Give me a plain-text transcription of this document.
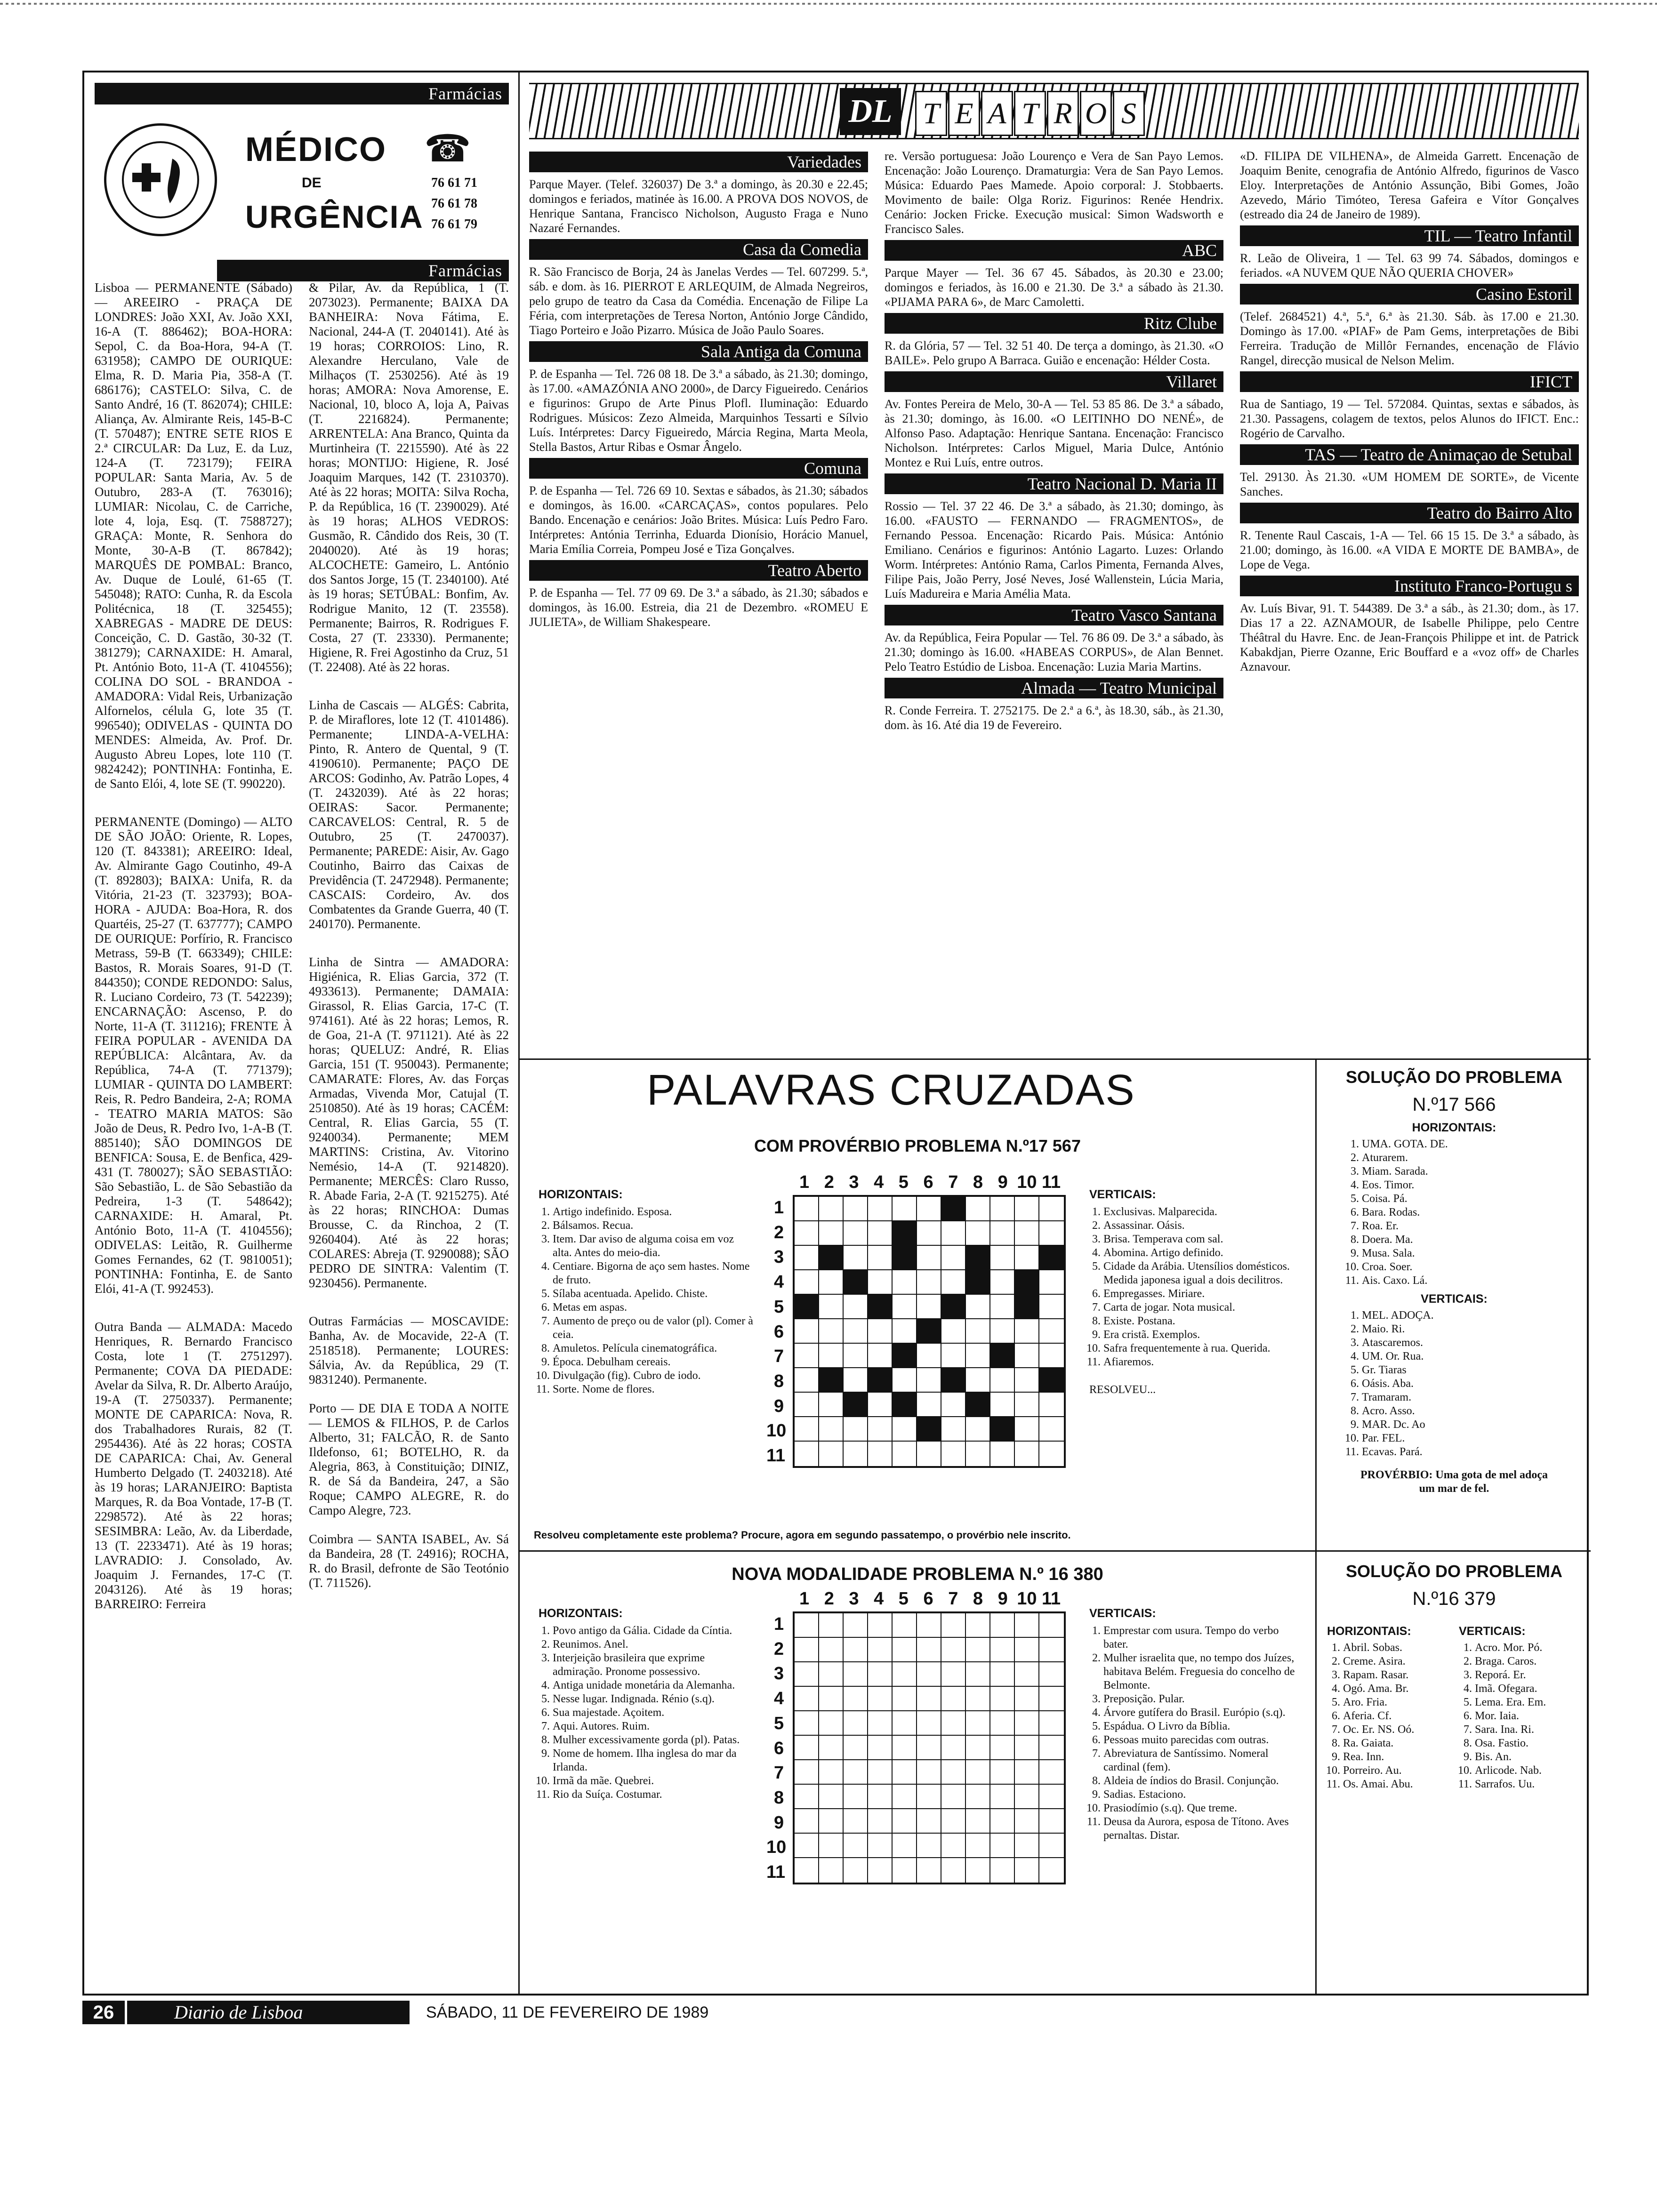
Farmácias
MÉDICO
DE
URGÊNCIA
☎
76 61 71
76 61 78
76 61 79
Farmácias

Lisboa — PERMANENTE (Sábado) — AREEIRO - PRAÇA DE LONDRES: João XXI, Av. João XXI, 16-A (T. 886462); BOA-HORA: Sepol, C. da Boa-Hora, 94-A (T. 631958); CAMPO DE OURIQUE: Elma, R. D. Maria Pia, 358-A (T. 686176); CASTELO: Silva, C. de Santo André, 16 (T. 862074); CHILE: Aliança, Av. Almirante Reis, 145-B-C (T. 570487); ENTRE SETE RIOS E 2.ª CIRCULAR: Da Luz, E. da Luz, 124-A (T. 723179); FEIRA POPULAR: Santa Maria, Av. 5 de Outubro, 283-A (T. 763016); LUMIAR: Nicolau, C. de Carriche, lote 4, loja, Esq. (T. 7588727); GRAÇA: Monte, R. Senhora do Monte, 30-A-B (T. 867842); MARQUÊS DE POMBAL: Branco, Av. Duque de Loulé, 61-65 (T. 545048); RATO: Cunha, R. da Escola Politécnica, 18 (T. 325455); XABREGAS - MADRE DE DEUS: Conceição, C. D. Gastão, 30-32 (T. 381279); CARNAXIDE: H. Amaral, Pt. António Boto, 11-A (T. 4104556); COLINA DO SOL - BRANDOA - AMADORA: Vidal Reis, Urbanização Alfornelos, célula G, lote 35 (T. 996540); ODIVELAS - QUINTA DO MENDES: Almeida, Av. Prof. Dr. Augusto Abreu Lopes, lote 110 (T. 9824242); PONTINHA: Fontinha, E. de Santo Elói, 4, lote SE (T. 990220).

PERMANENTE (Domingo) — ALTO DE SÃO JOÃO: Oriente, R. Lopes, 120 (T. 843381); AREEIRO: Ideal, Av. Almirante Gago Coutinho, 49-A (T. 892803); BAIXA: Unifa, R. da Vitória, 21-23 (T. 323793); BOA-HORA - AJUDA: Boa-Hora, R. dos Quartéis, 25-27 (T. 637777); CAMPO DE OURIQUE: Porfírio, R. Francisco Metrass, 59-B (T. 663349); CHILE: Bastos, R. Morais Soares, 91-D (T. 844350); CONDE REDONDO: Salus, R. Luciano Cordeiro, 73 (T. 542239); ENCARNAÇÃO: Ascenso, P. do Norte, 11-A (T. 311216); FRENTE À FEIRA POPULAR - AVENIDA DA REPÚBLICA: Alcântara, Av. da República, 74-A (T. 771379); LUMIAR - QUINTA DO LAMBERT: Reis, R. Pedro Bandeira, 2-A; ROMA - TEATRO MARIA MATOS: São João de Deus, R. Pedro Ivo, 1-A-B (T. 885140); SÃO DOMINGOS DE BENFICA: Sousa, E. de Benfica, 429-431 (T. 780027); SÃO SEBASTIÃO: São Sebastião, L. de São Sebastião da Pedreira, 1-3 (T. 548642); CARNAXIDE: H. Amaral, Pt. António Boto, 11-A (T. 4104556); ODIVELAS: Leitão, R. Guilherme Gomes Fernandes, 62 (T. 9810051); PONTINHA: Fontinha, E. de Santo Elói, 41-A (T. 992453).

Outra Banda — ALMADA: Macedo Henriques, R. Bernardo Francisco Costa, lote 1 (T. 2751297). Permanente; COVA DA PIEDADE: Avelar da Silva, R. Dr. Alberto Araújo, 19-A (T. 2750337). Permanente; MONTE DE CAPARICA: Nova, R. dos Trabalhadores Rurais, 82 (T. 2954436). Até às 22 horas; COSTA DE CAPARICA: Chai, Av. General Humberto Delgado (T. 2403218). Até às 19 horas; LARANJEIRO: Baptista Marques, R. da Boa Vontade, 17-B (T. 2298572). Até às 22 horas; SESIMBRA: Leão, Av. da Liberdade, 13 (T. 2233471). Até às 19 horas; LAVRADIO: J. Consolado, Av. Joaquim J. Fernandes, 17-C (T. 2043126). Até às 19 horas; BARREIRO: Ferreira

& Pilar, Av. da República, 1 (T. 2073023). Permanente; BAIXA DA BANHEIRA: Nova Fátima, E. Nacional, 244-A (T. 2040141). Até às 19 horas; CORROIOS: Lino, R. Alexandre Herculano, Vale de Milhaços (T. 2530256). Até às 19 horas; AMORA: Nova Amorense, E. Nacional, 10, bloco A, loja A, Paivas (T. 2216824). Permanente; ARRENTELA: Ana Branco, Quinta da Murtinheira (T. 2215590). Até às 22 horas; MONTIJO: Higiene, R. José Joaquim Marques, 142 (T. 2310370). Até às 22 horas; MOITA: Silva Rocha, P. da República, 16 (T. 2390029). Até às 19 horas; ALHOS VEDROS: Gusmão, R. Cândido dos Reis, 30 (T. 2040020). Até às 19 horas; ALCOCHETE: Gameiro, L. António dos Santos Jorge, 15 (T. 2340100). Até às 19 horas; SETÚBAL: Bonfim, Av. Rodrigue Manito, 12 (T. 23558). Permanente; Bairros, R. Rodrigues F. Costa, 27 (T. 23330). Permanente; Higiene, R. Frei Agostinho da Cruz, 51 (T. 22408). Até às 22 horas.

Linha de Cascais — ALGÉS: Cabrita, P. de Miraflores, lote 12 (T. 4101486). Permanente; LINDA-A-VELHA: Pinto, R. Antero de Quental, 9 (T. 4190610). Permanente; PAÇO DE ARCOS: Godinho, Av. Patrão Lopes, 4 (T. 2432039). Até às 22 horas; OEIRAS: Sacor. Permanente; CARCAVELOS: Central, R. 5 de Outubro, 25 (T. 2470037). Permanente; PAREDE: Aisir, Av. Gago Coutinho, Bairro das Caixas de Previdência (T. 2472948). Permanente; CASCAIS: Cordeiro, Av. dos Combatentes da Grande Guerra, 40 (T. 240170). Permanente.

Linha de Sintra — AMADORA: Higiénica, R. Elias Garcia, 372 (T. 4933613). Permanente; DAMAIA: Girassol, R. Elias Garcia, 17-C (T. 974161). Até às 22 horas; Lemos, R. de Goa, 21-A (T. 971121). Até às 22 horas; QUELUZ: André, R. Elias Garcia, 151 (T. 950043). Permanente; CAMARATE: Flores, Av. das Forças Armadas, Vivenda Mor, Catujal (T. 2510850). Até às 19 horas; CACÉM: Central, R. Elias Garcia, 55 (T. 9240034). Permanente; MEM MARTINS: Cristina, Av. Vitorino Nemésio, 14-A (T. 9214820). Permanente; MERCÊS: Claro Russo, R. Abade Faria, 2-A (T. 9215275). Até às 22 horas; RINCHOA: Dumas Brousse, C. da Rinchoa, 2 (T. 9260404). Até às 22 horas; COLARES: Abreja (T. 9290088); SÃO PEDRO DE SINTRA: Valentim (T. 9230456). Permanente.

Outras Farmácias — MOSCAVIDE: Banha, Av. de Mocavide, 22-A (T. 2518518). Permanente; LOURES: Sálvia, Av. da República, 29 (T. 9831240). Permanente.

Porto — DE DIA E TODA A NOITE — LEMOS & FILHOS, P. de Carlos Alberto, 31; FALCÃO, R. de Santo Ildefonso, 61; BOTELHO, R. da Alegria, 863, à Constituição; DINIZ, R. de Sá da Bandeira, 247, a São Roque; CAMPO ALEGRE, R. do Campo Alegre, 723.

Coimbra — SANTA ISABEL, Av. Sá da Bandeira, 28 (T. 24916); ROCHA, R. do Brasil, defronte de São Teotónio (T. 711526).

DL T E A T R O S
Variedades

Parque Mayer. (Telef. 326037) De 3.ª a domingo, às 20.30 e 22.45; domingos e feriados, matinée às 16.00. A PROVA DOS NOVOS, de Henrique Santana, Francisco Nicholson, Augusto Fraga e Nuno Nazaré Fernandes.

Casa da Comedia

R. São Francisco de Borja, 24 às Janelas Verdes — Tel. 607299. 5.ª, sáb. e dom. às 16. PIERROT E ARLEQUIM, de Almada Negreiros, pelo grupo de teatro da Casa da Comédia. Encenação de Filipe La Féria, com interpretações de Teresa Norton, António Jorge Cândido, Tiago Porteiro e João Pizarro. Música de João Paulo Soares.

Sala Antiga da Comuna

P. de Espanha — Tel. 726 08 18. De 3.ª a sábado, às 21.30; domingo, às 17.00. «AMAZÓNIA ANO 2000», de Darcy Figueiredo. Cenários e figurinos: Grupo de Arte Pinus Plofl. Iluminação: Eduardo Rodrigues. Músicos: Zezo Almeida, Marquinhos Tessarti e Sílvio Luís. Intérpretes: Darcy Figueiredo, Márcia Regina, Marta Meola, Stella Bastos, Artur Ribas e Osmar Ângelo.

Comuna

P. de Espanha — Tel. 726 69 10. Sextas e sábados, às 21.30; sábados e domingos, às 16.00. «CARCAÇAS», contos populares. Pelo Bando. Encenação e cenários: João Brites. Música: Luís Pedro Faro. Intérpretes: Antónia Terrinha, Eduarda Dionísio, Horácio Manuel, Maria Emília Correia, Pompeu José e Tiza Gonçalves.

Teatro Aberto

P. de Espanha — Tel. 77 09 69. De 3.ª a sábado, às 21.30; sábados e domingos, às 16.00. Estreia, dia 21 de Dezembro. «ROMEU E JULIETA», de William Shakespeare.

re. Versão portuguesa: João Lourenço e Vera de San Payo Lemos. Encenação: João Lourenço. Dramaturgia: Vera de San Payo Lemos. Música: Eduardo Paes Mamede. Apoio corporal: J. Stobbaerts. Movimento de baile: Olga Roriz. Figurinos: Renée Hendrix. Cenário: Jocken Fricke. Execução musical: Simon Wadsworth e Francisco Sales.

ABC

Parque Mayer — Tel. 36 67 45. Sábados, às 20.30 e 23.00; domingos e feriados, às 16.00 e 21.30. De 3.ª a sábado às 21.30. «PIJAMA PARA 6», de Marc Camoletti.

Ritz Clube

R. da Glória, 57 — Tel. 32 51 40. De terça a domingo, às 21.30. «O BAILE». Pelo grupo A Barraca. Guião e encenação: Hélder Costa.

Villaret

Av. Fontes Pereira de Melo, 30-A — Tel. 53 85 86. De 3.ª a sábado, às 21.30; domingo, às 16.00. «O LEITINHO DO NENÉ», de Alfonso Paso. Adaptação: Henrique Santana. Encenação: Francisco Nicholson. Intérpretes: Carlos Miguel, Maria Dulce, António Montez e Rui Luís, entre outros.

Teatro Nacional D. Maria II

Rossio — Tel. 37 22 46. De 3.ª a sábado, às 21.30; domingo, às 16.00. «FAUSTO — FERNANDO — FRAGMENTOS», de Fernando Pessoa. Encenação: Ricardo Pais. Música: António Emiliano. Cenários e figurinos: António Lagarto. Luzes: Orlando Worm. Intérpretes: António Rama, Carlos Pimenta, Fernanda Alves, Filipe Pais, João Perry, José Neves, José Wallenstein, Lúcia Maria, Luís Madureira e Maria Amélia Mata.

Teatro Vasco Santana

Av. da República, Feira Popular — Tel. 76 86 09. De 3.ª a sábado, às 21.30; domingo às 16.00. «HABEAS CORPUS», de Alan Bennet. Pelo Teatro Estúdio de Lisboa. Encenação: Luzia Maria Martins.

Almada — Teatro Municipal

R. Conde Ferreira. T. 2752175. De 2.ª a 6.ª, às 18.30, sáb., às 21.30, dom. às 16. Até dia 19 de Fevereiro.

«D. FILIPA DE VILHENA», de Almeida Garrett. Encenação de Joaquim Benite, cenografia de António Alfredo, figurinos de Vasco Eloy. Interpretações de António Assunção, Bibi Gomes, João Azevedo, Mário Timóteo, Teresa Gafeira e Vítor Gonçalves (estreado dia 24 de Janeiro de 1989).

TIL — Teatro Infantil

R. Leão de Oliveira, 1 — Tel. 63 99 74. Sábados, domingos e feriados. «A NUVEM QUE NÃO QUERIA CHOVER»

Casino Estoril

(Telef. 2684521) 4.ª, 5.ª, 6.ª às 21.30. Sáb. às 17.00 e 21.30. Domingo às 17.00. «PIAF» de Pam Gems, interpretações de Bibi Ferreira. Tradução de Millôr Fernandes, encenação de Flávio Rangel, direcção musical de Nelson Melim.

IFICT

Rua de Santiago, 19 — Tel. 572084. Quintas, sextas e sábados, às 21.30. Passagens, colagem de textos, pelos Alunos do IFICT. Enc.: Rogério de Carvalho.

TAS — Teatro de Animaçao de Setubal

Tel. 29130. Às 21.30. «UM HOMEM DE SORTE», de Vicente Sanches.

Teatro do Bairro Alto

R. Tenente Raul Cascais, 1-A — Tel. 66 15 15. De 3.ª a sábado, às 21.00; domingo, às 16.00. «A VIDA E MORTE DE BAMBA», de Lope de Vega.

Instituto Franco-Portugu s

Av. Luís Bivar, 91. T. 544389. De 3.ª a sáb., às 21.30; dom., às 17. Dias 17 a 22. AZNAMOUR, de Isabelle Philippe, pelo Centre Théâtral du Havre. Enc. de Jean-François Philippe et int. de Patrick Kabakdjan, Pierre Ozanne, Eric Bouffard e a «voz off» de Charles Aznavour.

PALAVRAS CRUZADAS
COM PROVÉRBIO PROBLEMA N.º17 567
HORIZONTAIS:
1. Artigo indefinido. Esposa.
2. Bálsamos. Recua.
3. Item. Dar aviso de alguma coisa em voz alta. Antes do meio-dia.
4. Centiare. Bigorna de aço sem hastes. Nome de fruto.
5. Sílaba acentuada. Apelido. Chiste.
6. Metas em aspas.
7. Aumento de preço ou de valor (pl). Comer à ceia.
8. Amuletos. Película cinematográfica.
9. Época. Debulham cereais.
10. Divulgação (fig). Cubro de iodo.
11. Sorte. Nome de flores.
1
1
2
2
3
3
4
4
5
5
6
6
7
7
8
8
9
9
10
10
11
11
VERTICAIS:
1. Exclusivas. Malparecida.
2. Assassinar. Oásis.
3. Brisa. Temperava com sal.
4. Abomina. Artigo definido.
5. Cidade da Arábia. Utensílios domésticos. Medida japonesa igual a dois decilitros.
6. Empregasses. Miriare.
7. Carta de jogar. Nota musical.
8. Existe. Postana.
9. Era cristã. Exemplos.
10. Safra frequentemente à rua. Querida.
11. Afiaremos.
RESOLVEU...
Resolveu completamente este problema? Procure, agora em segundo passatempo, o provérbio nele inscrito.
SOLUÇÃO DO PROBLEMA
N.º17 566
HORIZONTAIS:
1. UMA. GOTA. DE.
2. Aturarem.
3. Miam. Sarada.
4. Eos. Timor.
5. Coisa. Pá.
6. Bara. Rodas.
7. Roa. Er.
8. Doera. Ma.
9. Musa. Sala.
10. Croa. Soer.
11. Ais. Caxo. Lá.
VERTICAIS:
1. MEL. ADOÇA.
2. Maio. Ri.
3. Atascaremos.
4. UM. Or. Rua.
5. Gr. Tiaras
6. Oásis. Aba.
7. Tramaram.
8. Acro. Asso.
9. MAR. Dc. Ao
10. Par. FEL.
11. Ecavas. Pará.
PROVÉRBIO: Uma gota de mel adoça um mar de fel.
NOVA MODALIDADE PROBLEMA N.º 16 380
HORIZONTAIS:
1. Povo antigo da Gália. Cidade da Cíntia.
2. Reunimos. Anel.
3. Interjeição brasileira que exprime admiração. Pronome possessivo.
4. Antiga unidade monetária da Alemanha.
5. Nesse lugar. Indignada. Rénio (s.q).
6. Sua majestade. Açoitem.
7. Aqui. Autores. Ruim.
8. Mulher excessivamente gorda (pl). Patas.
9. Nome de homem. Ilha inglesa do mar da Irlanda.
10. Irmã da mãe. Quebrei.
11. Rio da Suíça. Costumar.
1
1
2
2
3
3
4
4
5
5
6
6
7
7
8
8
9
9
10
10
11
11
VERTICAIS:
1. Emprestar com usura. Tempo do verbo bater.
2. Mulher israelita que, no tempo dos Juízes, habitava Belém. Freguesia do concelho de Belmonte.
3. Preposição. Pular.
4. Árvore gutífera do Brasil. Európio (s.q).
5. Espádua. O Livro da Bíblia.
6. Pessoas muito parecidas com outras.
7. Abreviatura de Santíssimo. Nomeral cardinal (fem).
8. Aldeia de índios do Brasil. Conjunção.
9. Sadias. Estaciono.
10. Prasiodímio (s.q). Que treme.
11. Deusa da Aurora, esposa de Títono. Aves pernaltas. Distar.
SOLUÇÃO DO PROBLEMA
N.º16 379
HORIZONTAIS:
1. Abril. Sobas.
2. Creme. Asira.
3. Rapam. Rasar.
4. Ogó. Ama. Br.
5. Aro. Fria.
6. Aferia. Cf.
7. Oc. Er. NS. Oó.
8. Ra. Gaiata.
9. Rea. Inn.
10. Porreiro. Au.
11. Os. Amai. Abu.
VERTICAIS:
1. Acro. Mor. Pó.
2. Braga. Caros.
3. Reporá. Er.
4. Imã. Ofegara.
5. Lema. Era. Em.
6. Mor. Iaia.
7. Sara. Ina. Ri.
8. Osa. Fastio.
9. Bis. An.
10. Arlicode. Nab.
11. Sarrafos. Uu.
26	Diario de Lisboa	SÁBADO, 11 DE FEVEREIRO DE 1989
